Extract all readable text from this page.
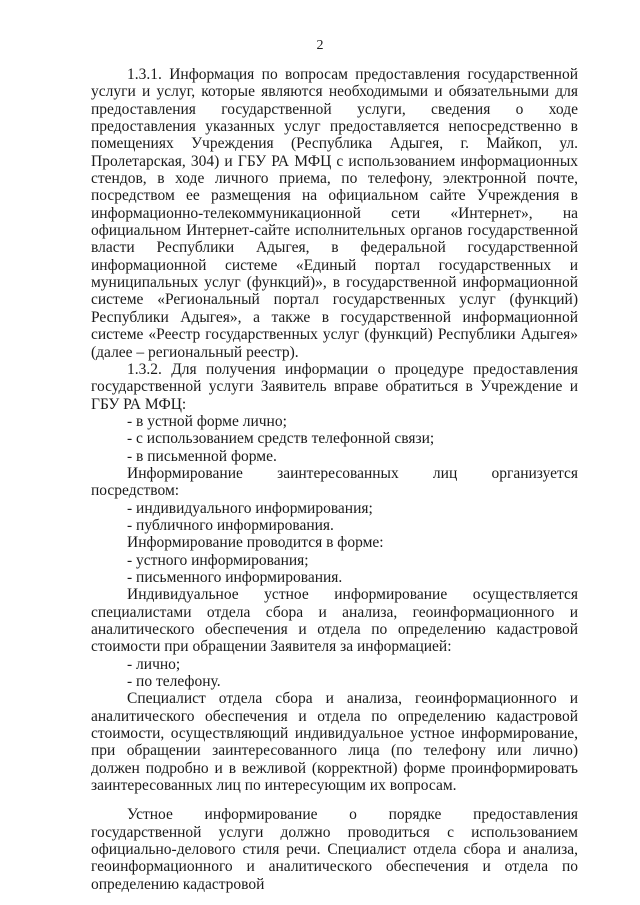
2

1.3.1. Информация по вопросам предоставления государственной услуги и услуг, которые являются необходимыми и обязательными для предоставления государственной услуги, сведения о ходе предоставления указанных услуг предоставляется непосредственно в помещениях Учреждения (Республика Адыгея, г. Майкоп, ул. Пролетарская, 304) и ГБУ РА МФЦ с использованием информационных стендов, в ходе личного приема, по телефону, электронной почте, посредством ее размещения на официальном сайте Учреждения в информационно-телекоммуникационной сети «Интернет», на официальном Интернет-сайте исполнительных органов государственной власти Республики Адыгея, в федеральной государственной информационной системе «Единый портал государственных и муниципальных услуг (функций)», в государственной информационной системе «Региональный портал государственных услуг (функций) Республики Адыгея», а также в государственной информационной системе «Реестр государственных услуг (функций) Республики Адыгея» (далее – региональный реестр).

1.3.2. Для получения информации о процедуре предоставления государственной услуги Заявитель вправе обратиться в Учреждение и ГБУ РА МФЦ:

- в устной форме лично;

- с использованием средств телефонной связи;

- в письменной форме.

Информирование заинтересованных лиц организуется посредством:

- индивидуального информирования;

- публичного информирования.

Информирование проводится в форме:

- устного информирования;

- письменного информирования.

Индивидуальное устное информирование осуществляется специалистами отдела сбора и анализа, геоинформационного и аналитического обеспечения и отдела по определению кадастровой стоимости при обращении Заявителя за информацией:

- лично;

- по телефону.

Специалист отдела сбора и анализа, геоинформационного и аналитического обеспечения и отдела по определению кадастровой стоимости, осуществляющий индивидуальное устное информирование, при обращении заинтересованного лица (по телефону или лично) должен подробно и в вежливой (корректной) форме проинформировать заинтересованных лиц по интересующим их вопросам.

Устное информирование о порядке предоставления государственной услуги должно проводиться с использованием официально-делового стиля речи. Специалист отдела сбора и анализа, геоинформационного и аналитического обеспечения и отдела по определению кадастровой
